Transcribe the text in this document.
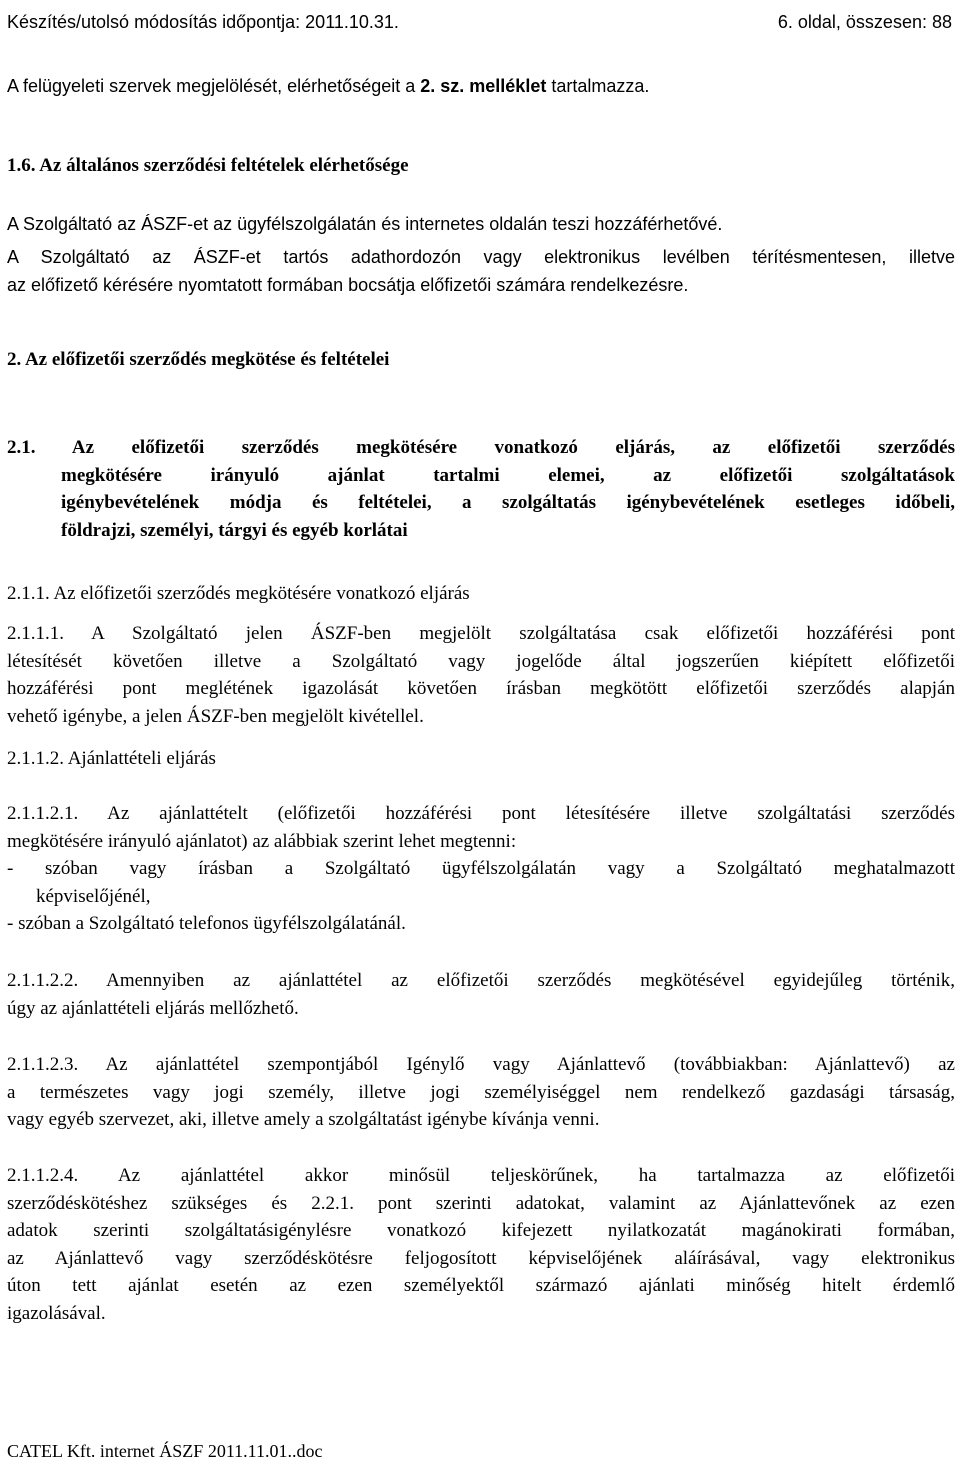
Készítés/utolsó módosítás időpontja: 2011.10.31.	6. oldal, összesen: 88

A felügyeleti szervek megjelölését, elérhetőségeit a 2. sz. melléklet tartalmazza.

1.6. Az általános szerződési feltételek elérhetősége

A Szolgáltató az ÁSZF-et az ügyfélszolgálatán és internetes oldalán teszi hozzáférhetővé.

A Szolgáltató az ÁSZF-et tartós adathordozón vagy elektronikus levélben térítésmentesen, illetve
az előfizető kérésére nyomtatott formában bocsátja előfizetői számára rendelkezésre.
2. Az előfizetői szerződés megkötése és feltételei
2.1. Az előfizetői szerződés megkötésére vonatkozó eljárás, az előfizetői szerződés
megkötésére irányuló ajánlat tartalmi elemei, az előfizetői szolgáltatások
igénybevételének módja és feltételei, a szolgáltatás igénybevételének esetleges időbeli,
földrajzi, személyi, tárgyi és egyéb korlátai

2.1.1. Az előfizetői szerződés megkötésére vonatkozó eljárás

2.1.1.1. A Szolgáltató jelen ÁSZF-ben megjelölt szolgáltatása csak előfizetői hozzáférési pont
létesítését követően illetve a Szolgáltató vagy jogelőde által jogszerűen kiépített előfizetői
hozzáférési pont meglétének igazolását követően írásban megkötött előfizetői szerződés alapján
vehető igénybe, a jelen ÁSZF-ben megjelölt kivétellel.

2.1.1.2. Ajánlattételi eljárás

2.1.1.2.1. Az ajánlattételt (előfizetői hozzáférési pont létesítésére illetve szolgáltatási szerződés
megkötésére irányuló ajánlatot) az alábbiak szerint lehet megtenni:
- szóban vagy írásban a Szolgáltató ügyfélszolgálatán vagy a Szolgáltató meghatalmazott
képviselőjénél,
- szóban a Szolgáltató telefonos ügyfélszolgálatánál.
2.1.1.2.2. Amennyiben az ajánlattétel az előfizetői szerződés megkötésével egyidejűleg történik,
úgy az ajánlattételi eljárás mellőzhető.
2.1.1.2.3. Az ajánlattétel szempontjából Igénylő vagy Ajánlattevő (továbbiakban: Ajánlattevő) az
a természetes vagy jogi személy, illetve jogi személyiséggel nem rendelkező gazdasági társaság,
vagy egyéb szervezet, aki, illetve amely a szolgáltatást igénybe kívánja venni.
2.1.1.2.4. Az ajánlattétel akkor minősül teljeskörűnek, ha tartalmazza az előfizetői
szerződéskötéshez szükséges és 2.2.1. pont szerinti adatokat, valamint az Ajánlattevőnek az ezen
adatok szerinti szolgáltatásigénylésre vonatkozó kifejezett nyilatkozatát magánokirati formában,
az Ajánlattevő vagy szerződéskötésre feljogosított képviselőjének aláírásával, vagy elektronikus
úton tett ajánlat esetén az ezen személyektől származó ajánlati minőség hitelt érdemlő
igazolásával.
CATEL Kft. internet ÁSZF 2011.11.01..doc
